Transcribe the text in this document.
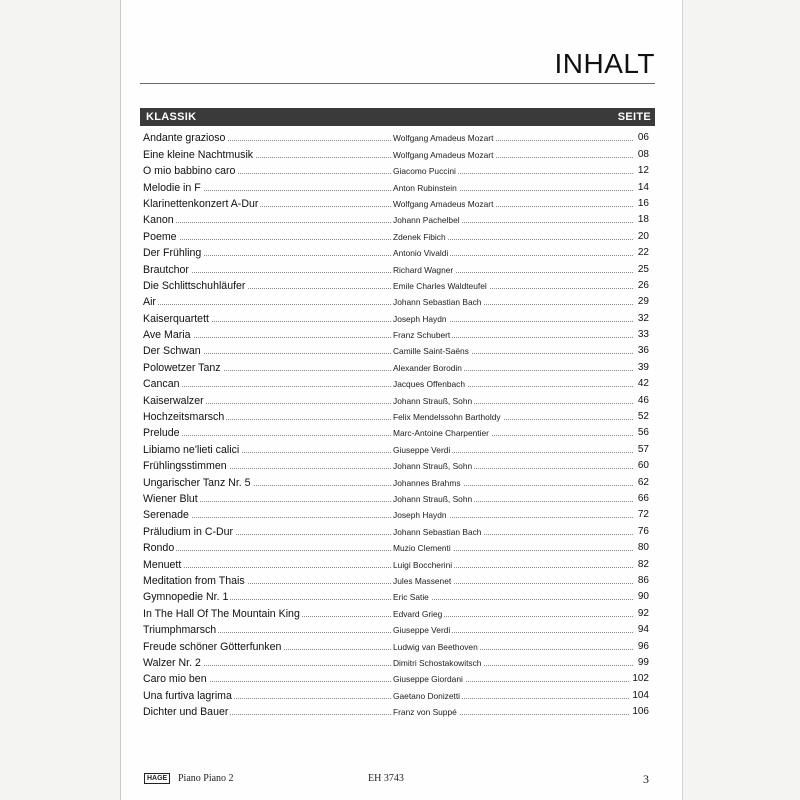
INHALT
KLASSIK	SEITE
Andante grazioso	Wolfgang Amadeus Mozart	06
Eine kleine Nachtmusik	Wolfgang Amadeus Mozart	08
O mio babbino caro	Giacomo Puccini	12
Melodie in F	Anton Rubinstein	14
Klarinettenkonzert A-Dur	Wolfgang Amadeus Mozart	16
Kanon	Johann Pachelbel	18
Poeme	Zdenek Fibich	20
Der Frühling	Antonio Vivaldi	22
Brautchor	Richard Wagner	25
Die Schlittschuhläufer	Emile Charles Waldteufel	26
Air	Johann Sebastian Bach	29
Kaiserquartett	Joseph Haydn	32
Ave Maria	Franz Schubert	33
Der Schwan	Camille Saint-Saëns	36
Polowetzer Tanz	Alexander Borodin	39
Cancan	Jacques Offenbach	42
Kaiserwalzer	Johann Strauß, Sohn	46
Hochzeitsmarsch	Felix Mendelssohn Bartholdy	52
Prelude	Marc-Antoine Charpentier	56
Libiamo ne'lieti calici	Giuseppe Verdi	57
Frühlingsstimmen	Johann Strauß, Sohn	60
Ungarischer Tanz Nr. 5	Johannes Brahms	62
Wiener Blut	Johann Strauß, Sohn	66
Serenade	Joseph Haydn	72
Präludium in C-Dur	Johann Sebastian Bach	76
Rondo	Muzio Clementi	80
Menuett	Luigi Boccherini	82
Meditation from Thais	Jules Massenet	86
Gymnopedie Nr. 1	Eric Satie	90
In The Hall Of The Mountain King	Edvard Grieg	92
Triumphmarsch	Giuseppe Verdi	94
Freude schöner Götterfunken	Ludwig van Beethoven	96
Walzer Nr. 2	Dimitri Schostakowitsch	99
Caro mio ben	Giuseppe Giordani	102
Una furtiva lagrima	Gaetano Donizetti	104
Dichter und Bauer	Franz von Suppé	106
HAGE	Piano Piano 2	EH 3743	3
